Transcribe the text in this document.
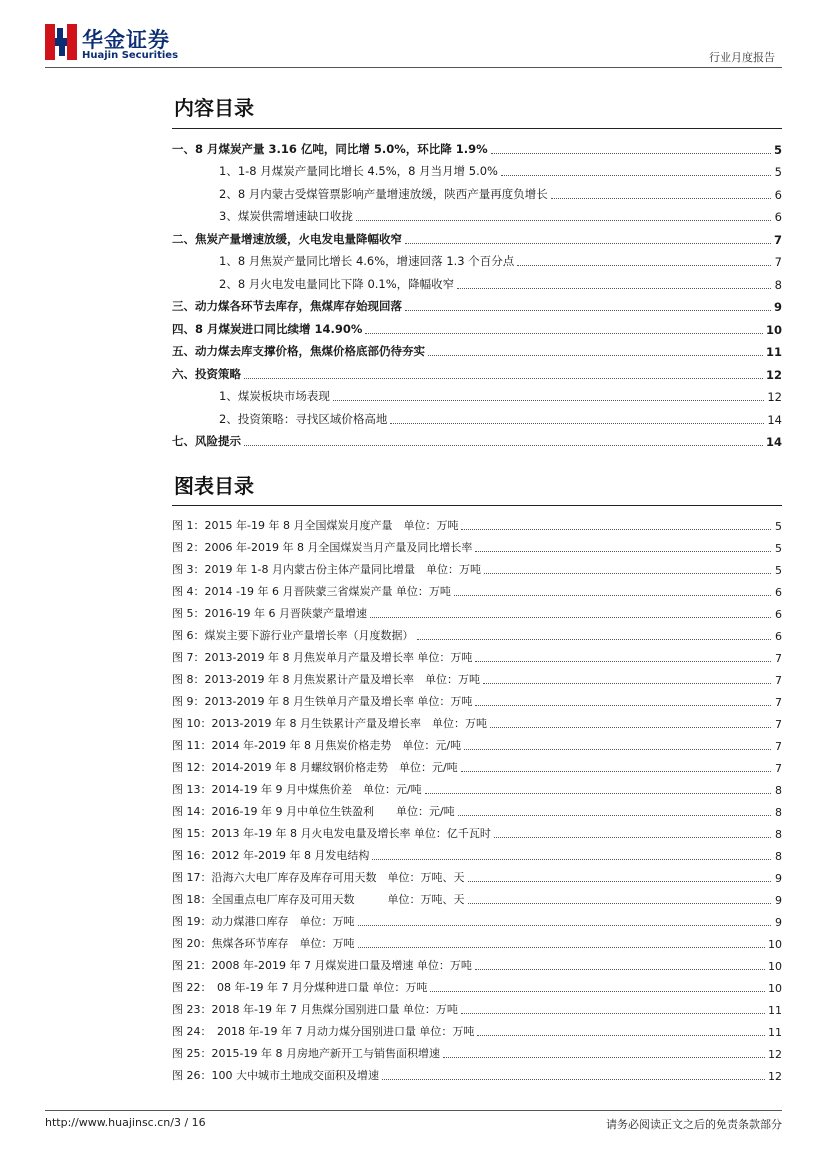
华金证券
Huajin Securities	行业月度报告
内容目录
一、8 月煤炭产量 3.16 亿吨，同比增 5.0%，环比降 1.9%	5
1、1-8 月煤炭产量同比增长 4.5%，8 月当月增 5.0%	5
2、8 月内蒙古受煤管票影响产量增速放缓，陕西产量再度负增长	6
3、煤炭供需增速缺口收拢	6
二、焦炭产量增速放缓，火电发电量降幅收窄	7
1、8 月焦炭产量同比增长 4.6%，增速回落 1.3 个百分点	7
2、8 月火电发电量同比下降 0.1%，降幅收窄	8
三、动力煤各环节去库存，焦煤库存始现回落	9
四、8 月煤炭进口同比续增 14.90%	10
五、动力煤去库支撑价格，焦煤价格底部仍待夯实	11
六、投资策略	12
1、煤炭板块市场表现	12
2、投资策略：寻找区域价格高地	14
七、风险提示	14
图表目录
图 1：2015 年-19 年 8 月全国煤炭月度产量　单位：万吨	5
图 2：2006 年-2019 年 8 月全国煤炭当月产量及同比增长率	5
图 3：2019 年 1-8 月内蒙古份主体产量同比增量　单位：万吨	5
图 4：2014 -19 年 6 月晋陕蒙三省煤炭产量 单位：万吨	6
图 5：2016-19 年 6 月晋陕蒙产量增速	6
图 6：煤炭主要下游行业产量增长率（月度数据）	6
图 7：2013-2019 年 8 月焦炭单月产量及增长率 单位：万吨	7
图 8：2013-2019 年 8 月焦炭累计产量及增长率　单位：万吨	7
图 9：2013-2019 年 8 月生铁单月产量及增长率 单位：万吨	7
图 10：2013-2019 年 8 月生铁累计产量及增长率　单位：万吨	7
图 11：2014 年-2019 年 8 月焦炭价格走势　单位：元/吨	7
图 12：2014-2019 年 8 月螺纹钢价格走势　单位：元/吨	7
图 13：2014-19 年 9 月中煤焦价差　单位：元/吨	8
图 14：2016-19 年 9 月中单位生铁盈利　　单位：元/吨	8
图 15：2013 年-19 年 8 月火电发电量及增长率 单位：亿千瓦时	8
图 16：2012 年-2019 年 8 月发电结构	8
图 17：沿海六大电厂库存及库存可用天数　单位：万吨、天	9
图 18：全国重点电厂库存及可用天数　　　单位：万吨、天	9
图 19：动力煤港口库存　单位：万吨	9
图 20：焦煤各环节库存　单位：万吨	10
图 21：2008 年-2019 年 7 月煤炭进口量及增速 单位：万吨	10
图 22：　08 年-19 年 7 月分煤种进口量 单位：万吨	10
图 23：2018 年-19 年 7 月焦煤分国别进口量 单位：万吨	11
图 24：　2018 年-19 年 7 月动力煤分国别进口量 单位：万吨	11
图 25：2015-19 年 8 月房地产新开工与销售面积增速	12
图 26：100 大中城市土地成交面积及增速	12
http://www.huajinsc.cn/3 / 16	请务必阅读正文之后的免责条款部分
